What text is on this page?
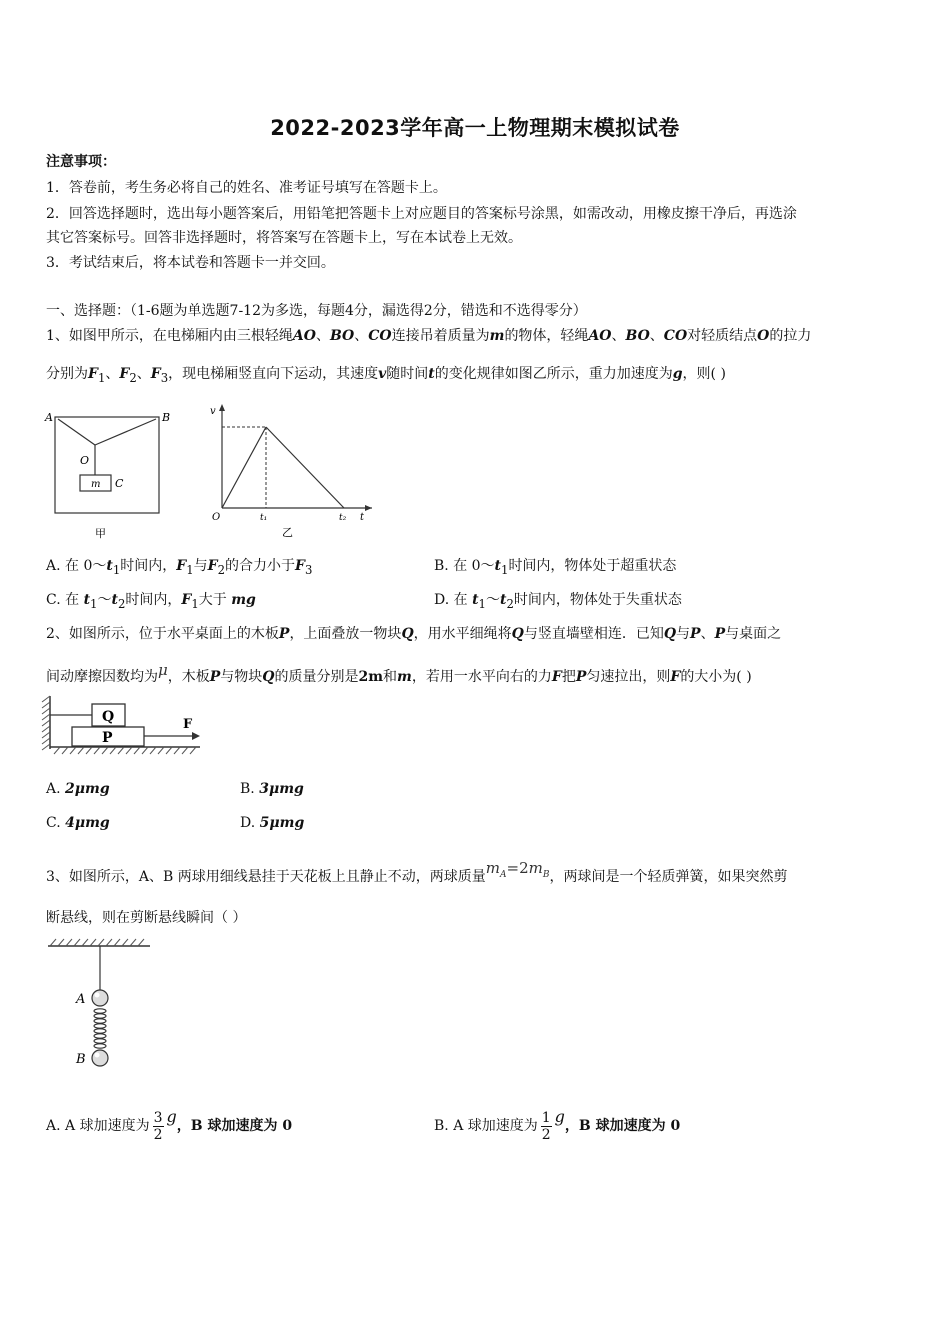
2022-2023学年高一上物理期末模拟试卷
注意事项：
1．答卷前，考生务必将自己的姓名、准考证号填写在答题卡上。
2．回答选择题时，选出每小题答案后，用铅笔把答题卡上对应题目的答案标号涂黑，如需改动，用橡皮擦干净后，再选涂
其它答案标号。回答非选择题时，将答案写在答题卡上，写在本试卷上无效。
3．考试结束后，将本试卷和答题卡一并交回。
一、选择题：（1-6题为单选题7-12为多选，每题4分，漏选得2分，错选和不选得零分）
1、如图甲所示，在电梯厢内由三根轻绳AO、BO、CO连接吊着质量为m的物体，轻绳AO、BO、CO对轻质结点O的拉力
分别为$F_1$、$F_2$、$F_3$，现电梯厢竖直向下运动，其速度v随时间t的变化规律如图乙所示，重力加速度为g，则( )
A	B
O
m C
甲
v
O	t₁	t₂ t
乙
A. 在 $0\sim t_1$时间内，$F_1$与$F_2$的合力小于$F_3$	B. 在 $0\sim t_1$时间内，物体处于超重状态
C. 在 $t_1\sim t_2$时间内，$F_1$大于 mg	D. 在 $t_1\sim t_2$时间内，物体处于失重状态
2、如图所示，位于水平桌面上的木板P，上面叠放一物块Q，用水平细绳将Q与竖直墙壁相连．已知Q与P、P与桌面之
间动摩擦因数均为μ，木板P与物块Q的质量分别是2m和m，若用一水平向右的力F把P匀速拉出，则F的大小为( )
Q
P
F
A. 2μmg	B. 3μmg
C. 4μmg	D. 5μmg
3、如图所示，A、B 两球用细线悬挂于天花板上且静止不动，两球质量$m_A=2m_B$，两球间是一个轻质弹簧，如果突然剪
断悬线，则在剪断悬线瞬间（ ）
A
B
A. A 球加速度为 $\frac{3}{2}$ g，B 球加速度为 0	B. A 球加速度为 $\frac{1}{2}$ g，B 球加速度为 0
